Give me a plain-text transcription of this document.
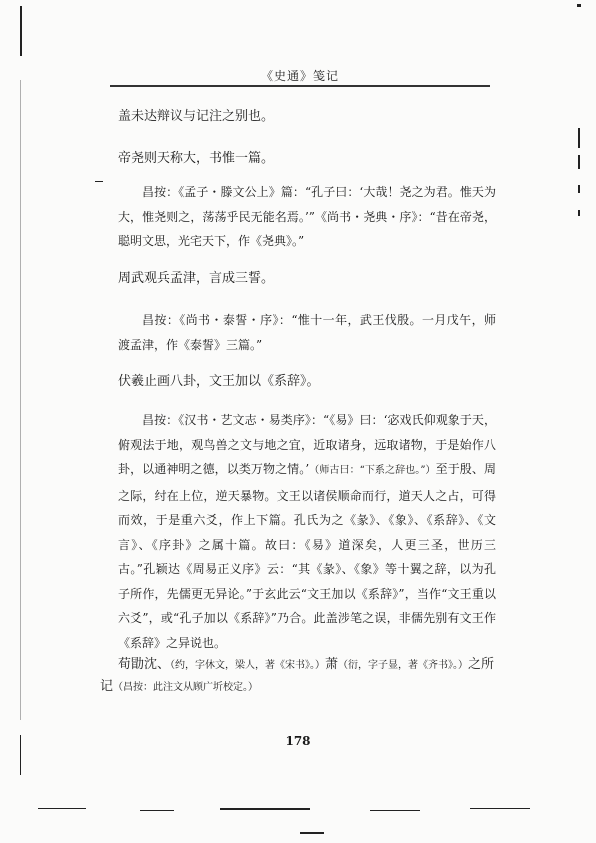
《史通》笺记

盖未达辩议与记注之别也。

帝尧则天称大，书惟一篇。

昌按：《孟子・滕文公上》篇：“孔子曰：‘大哉！尧之为君。惟天为大，惟尧则之，荡荡乎民无能名焉。’”《尚书・尧典・序》：“昔在帝尧，聪明文思，光宅天下，作《尧典》。”

周武观兵孟津，言成三誓。

昌按：《尚书・泰誓・序》：“惟十一年，武王伐殷。一月戊午，师渡孟津，作《泰誓》三篇。”

伏羲止画八卦，文王加以《系辞》。

昌按：《汉书・艺文志・易类序》：“《易》曰：‘宓戏氏仰观象于天，俯观法于地，观鸟兽之文与地之宜，近取诸身，远取诸物，于是始作八卦，以通神明之德，以类万物之情。’（师古曰：“下系之辞也。”）至于殷、周之际，纣在上位，逆天暴物。文王以诸侯顺命而行，道天人之占，可得而效，于是重六爻，作上下篇。孔氏为之《彖》、《象》、《系辞》、《文言》、《序卦》之属十篇。故曰：《易》道深矣，人更三圣，世历三古。”孔颖达《周易正义序》云：“其《彖》、《象》等十翼之辞，以为孔子所作，先儒更无异论。”于玄此云“文王加以《系辞》”，当作“文王重以六爻”，或“孔子加以《系辞》”乃合。此盖涉笔之误，非儒先别有文王作《系辞》之异说也。

荀勖沈、（约，字休文，梁人，著《宋书》。）萧（衍，字子显，著《齐书》。）之所记（昌按：此注文从顾广圻校定。）

178
